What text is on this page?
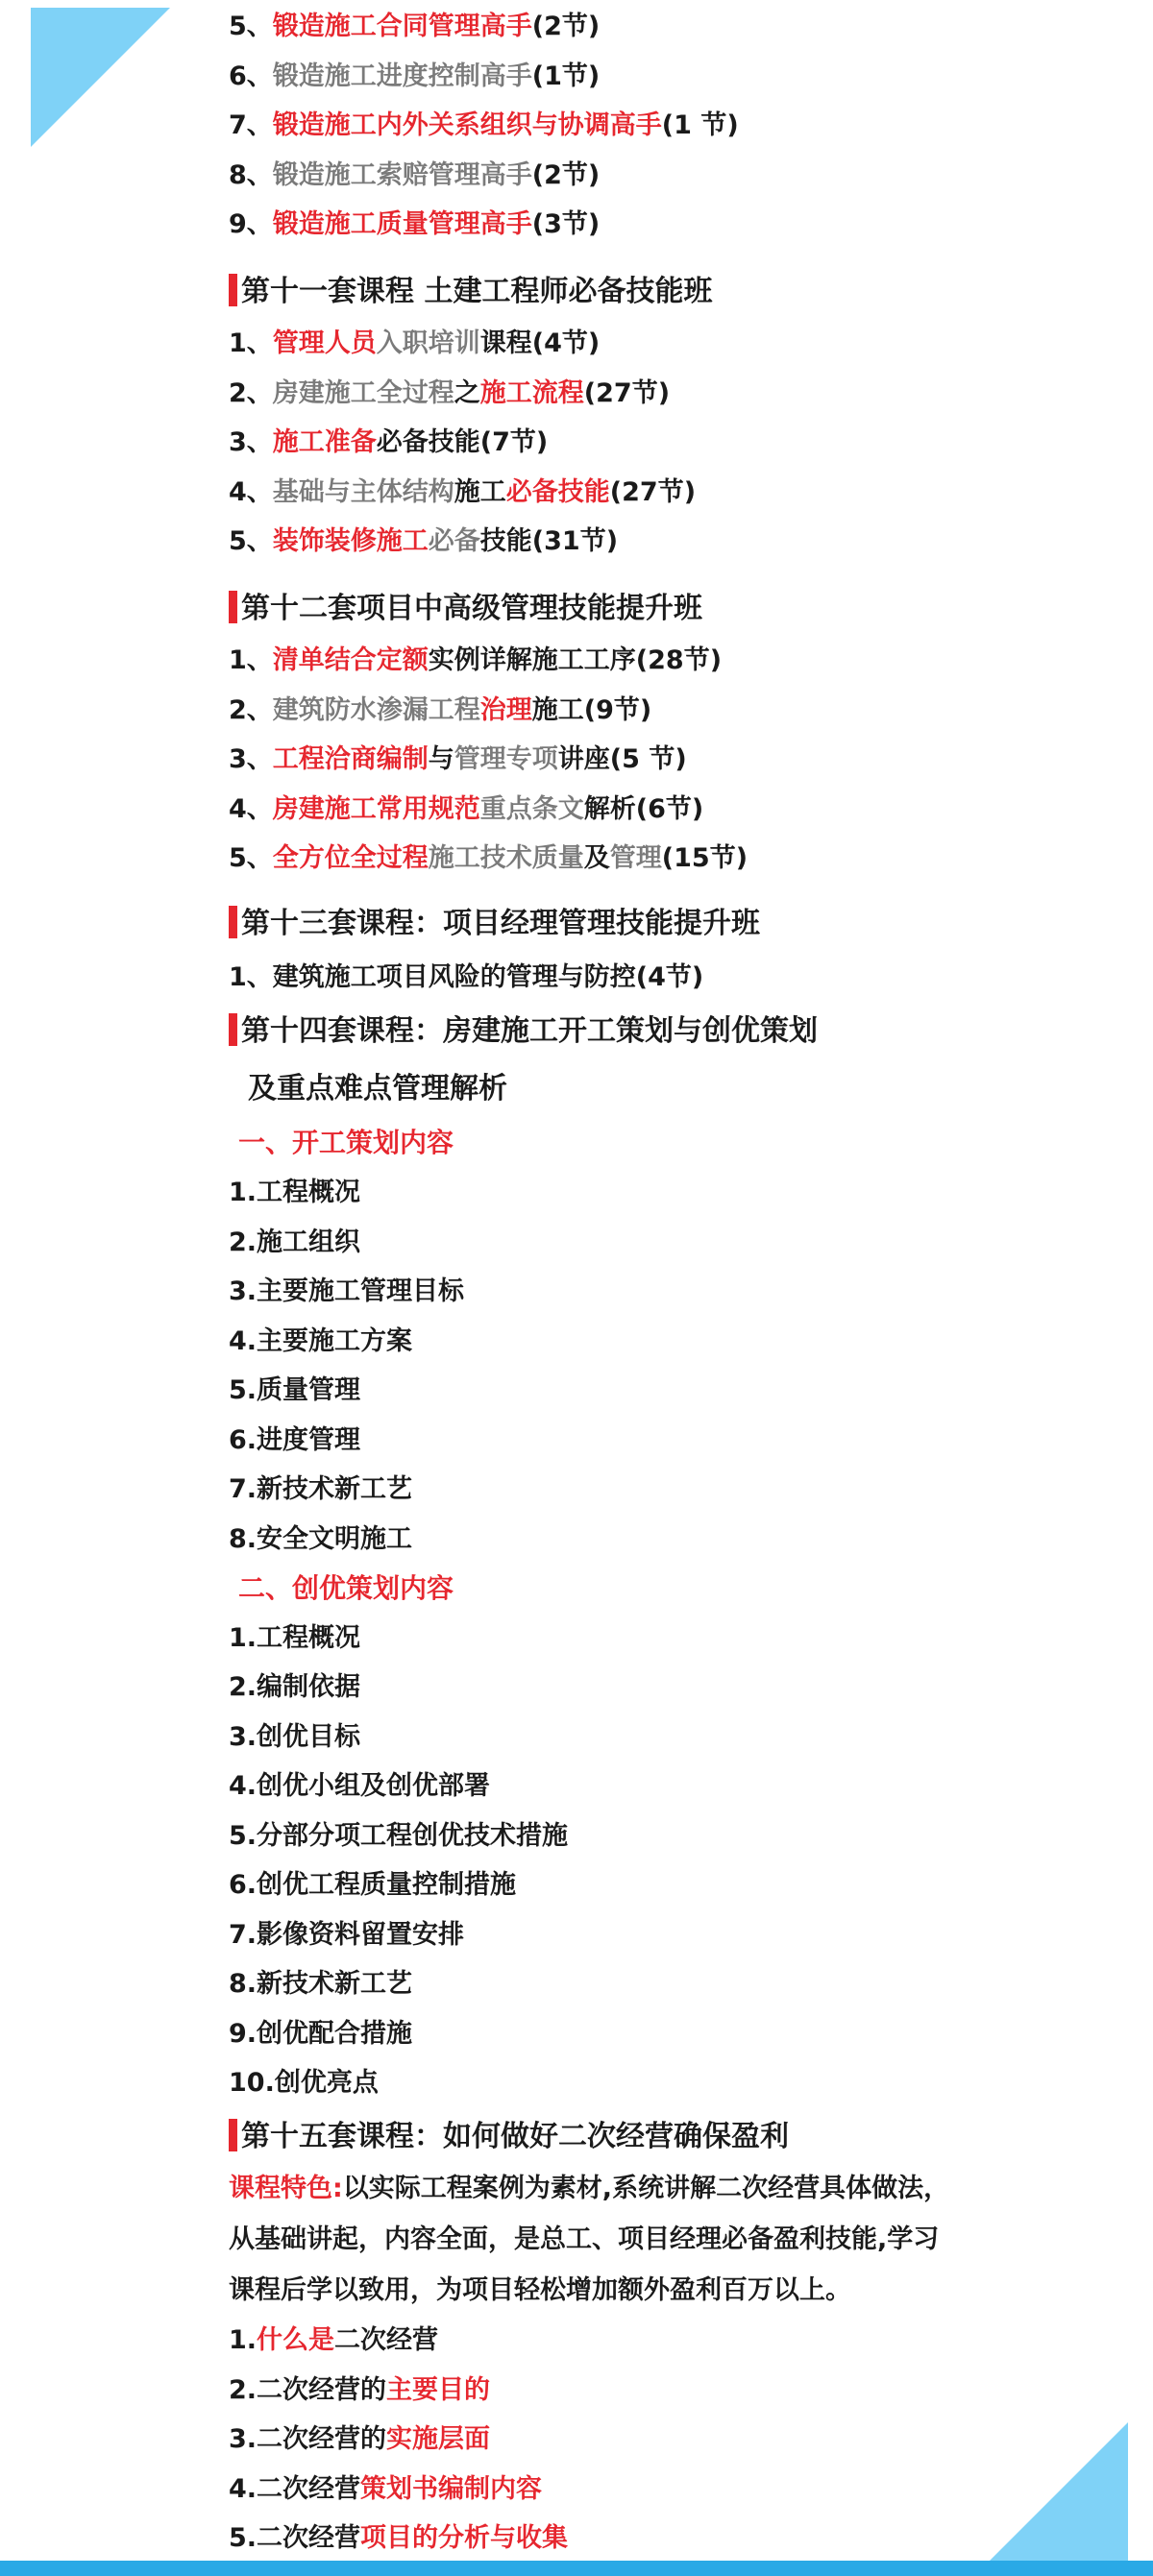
5、锻造施工合同管理高手(2节)
6、锻造施工进度控制高手(1节)
7、锻造施工内外关系组织与协调高手(1 节)
8、锻造施工索赔管理高手(2节)
9、锻造施工质量管理高手(3节)
第十一套课程 土建工程师必备技能班
1、管理人员入职培训课程(4节)
2、房建施工全过程之施工流程(27节)
3、施工准备必备技能(7节)
4、基础与主体结构施工必备技能(27节)
5、装饰装修施工必备技能(31节)
第十二套项目中高级管理技能提升班
1、清单结合定额实例详解施工工序(28节)
2、建筑防水渗漏工程治理施工(9节)
3、工程洽商编制与管理专项讲座(5 节)
4、房建施工常用规范重点条文解析(6节)
5、全方位全过程施工技术质量及管理(15节)
第十三套课程：项目经理管理技能提升班
1、建筑施工项目风险的管理与防控(4节)
第十四套课程：房建施工开工策划与创优策划
及重点难点管理解析
一、开工策划内容
1.工程概况
2.施工组织
3.主要施工管理目标
4.主要施工方案
5.质量管理
6.进度管理
7.新技术新工艺
8.安全文明施工
二、创优策划内容
1.工程概况
2.编制依据
3.创优目标
4.创优小组及创优部署
5.分部分项工程创优技术措施
6.创优工程质量控制措施
7.影像资料留置安排
8.新技术新工艺
9.创优配合措施
10.创优亮点
第十五套课程：如何做好二次经营确保盈利
课程特色:以实际工程案例为素材,系统讲解二次经营具体做法，
从基础讲起，内容全面，是总工、项目经理必备盈利技能,学习
课程后学以致用，为项目轻松增加额外盈利百万以上。
1.什么是二次经营
2.二次经营的主要目的
3.二次经营的实施层面
4.二次经营策划书编制内容
5.二次经营项目的分析与收集
